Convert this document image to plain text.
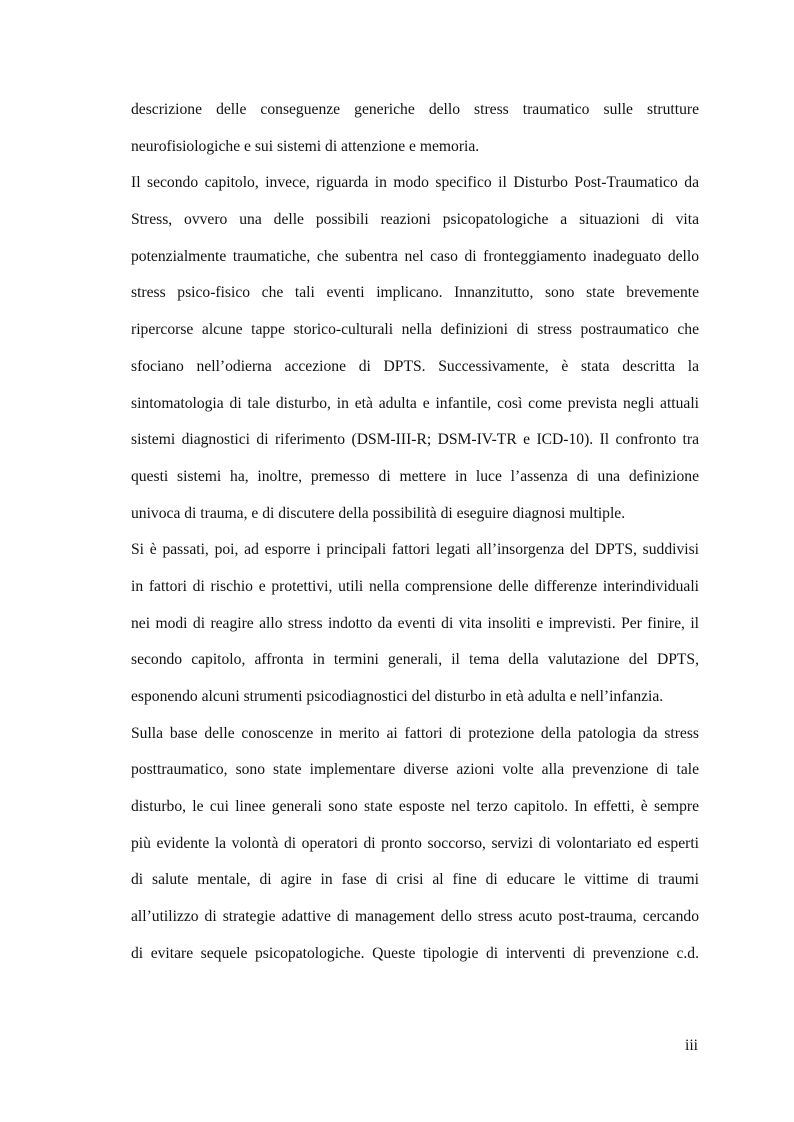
descrizione delle conseguenze generiche dello stress traumatico sulle strutture
neurofisiologiche e sui sistemi di attenzione e memoria.
Il secondo capitolo, invece, riguarda in modo specifico il Disturbo Post-Traumatico da
Stress, ovvero una delle possibili reazioni psicopatologiche a situazioni di vita
potenzialmente traumatiche, che subentra nel caso di fronteggiamento inadeguato dello
stress psico-fisico che tali eventi implicano. Innanzitutto, sono state brevemente
ripercorse alcune tappe storico-culturali nella definizioni di stress postraumatico che
sfociano nell’odierna accezione di DPTS. Successivamente, è stata descritta la
sintomatologia di tale disturbo, in età adulta e infantile, così come prevista negli attuali
sistemi diagnostici di riferimento (DSM-III-R; DSM-IV-TR e ICD-10). Il confronto tra
questi sistemi ha, inoltre, premesso di mettere in luce l’assenza di una definizione
univoca di trauma, e di discutere della possibilità di eseguire diagnosi multiple.
Si è passati, poi, ad esporre i principali fattori legati all’insorgenza del DPTS, suddivisi
in fattori di rischio e protettivi, utili nella comprensione delle differenze interindividuali
nei modi di reagire allo stress indotto da eventi di vita insoliti e imprevisti. Per finire, il
secondo capitolo, affronta in termini generali, il tema della valutazione del DPTS,
esponendo alcuni strumenti psicodiagnostici del disturbo in età adulta e nell’infanzia.
Sulla base delle conoscenze in merito ai fattori di protezione della patologia da stress
posttraumatico, sono state implementare diverse azioni volte alla prevenzione di tale
disturbo, le cui linee generali sono state esposte nel terzo capitolo. In effetti, è sempre
più evidente la volontà di operatori di pronto soccorso, servizi di volontariato ed esperti
di salute mentale, di agire in fase di crisi al fine di educare le vittime di traumi
all’utilizzo di strategie adattive di management dello stress acuto post-trauma, cercando
di evitare sequele psicopatologiche. Queste tipologie di interventi di prevenzione c.d.
iii
